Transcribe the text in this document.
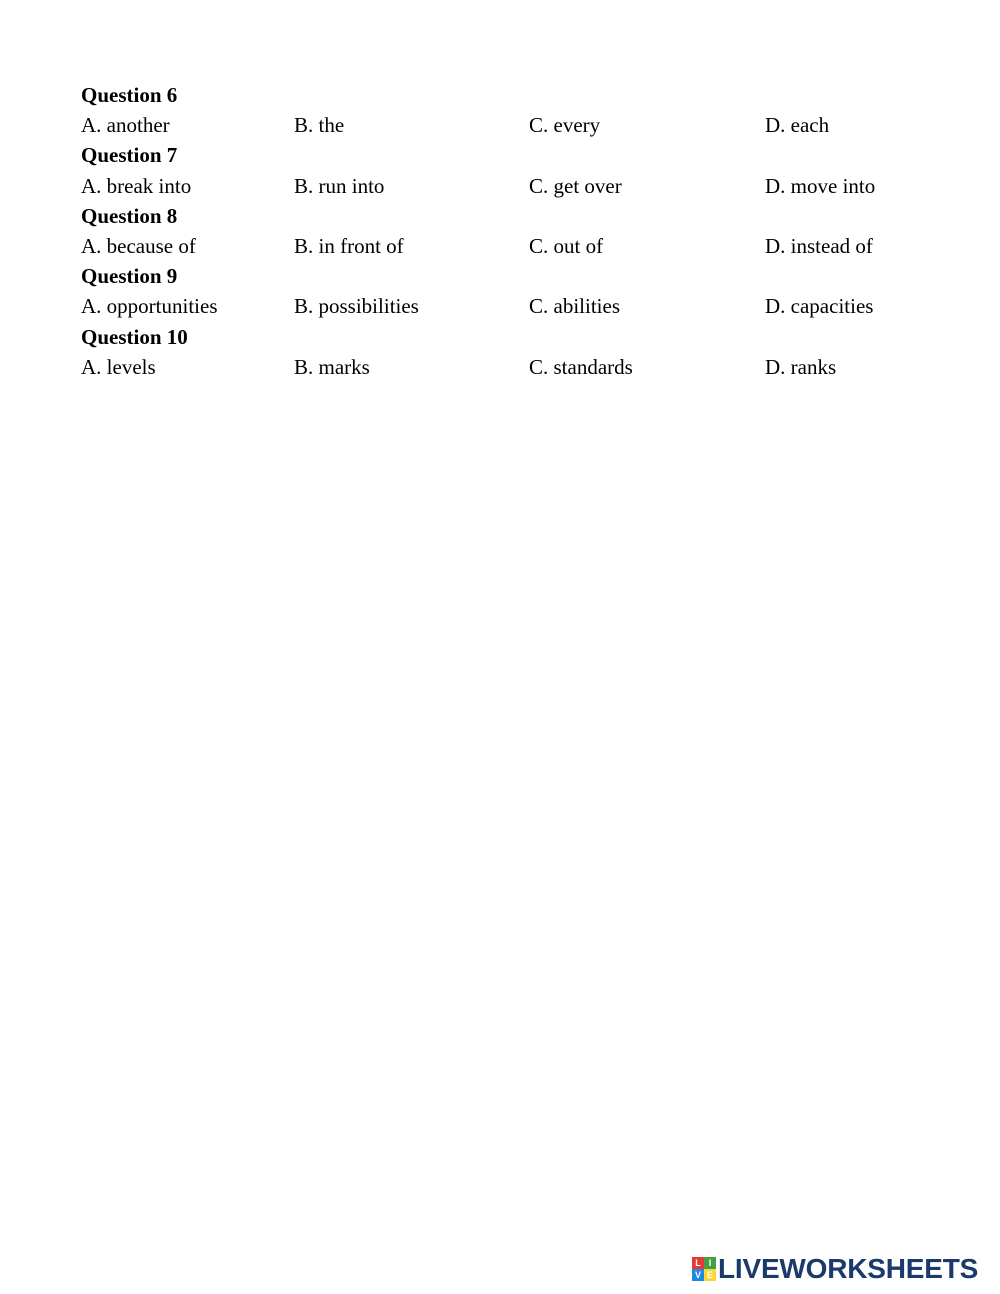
Question 6
A. another	B. the	C. every	D. each
Question 7
A. break into	B. run into	C. get over	D. move into
Question 8
A. because of	B. in front of	C. out of	D. instead of
Question 9
A. opportunities	B. possibilities	C. abilities	D. capacities
Question 10
A. levels	B. marks	C. standards	D. ranks
L I
V E LIVEWORKSHEETS
